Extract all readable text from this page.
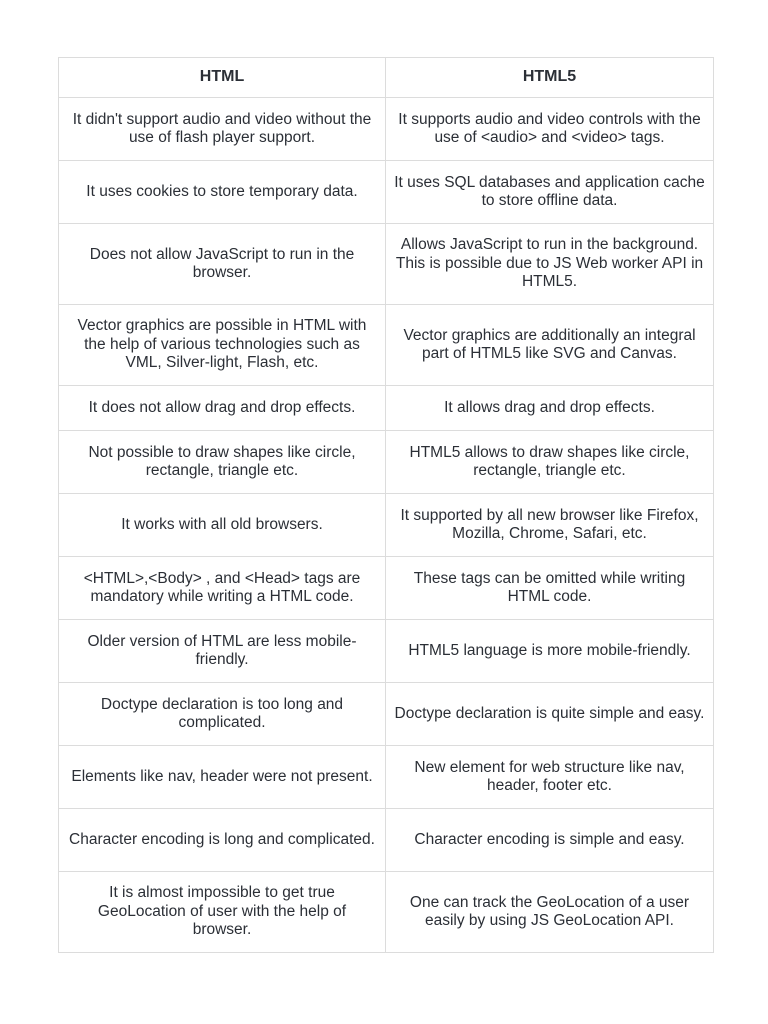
HTML	HTML5
It didn't support audio and video without the use of flash player support.	It supports audio and video controls with the use of <audio> and <video> tags.
It uses cookies to store temporary data.	It uses SQL databases and application cache to store offline data.
Does not allow JavaScript to run in the browser.	Allows JavaScript to run in the background. This is possible due to JS Web worker API in HTML5.
Vector graphics are possible in HTML with the help of various technologies such as VML, Silver-light, Flash, etc.	Vector graphics are additionally an integral part of HTML5 like SVG and Canvas.
It does not allow drag and drop effects.	It allows drag and drop effects.
Not possible to draw shapes like circle, rectangle, triangle etc.	HTML5 allows to draw shapes like circle, rectangle, triangle etc.
It works with all old browsers.	It supported by all new browser like Firefox, Mozilla, Chrome, Safari, etc.
<HTML>,<Body> , and <Head> tags are mandatory while writing a HTML code.	These tags can be omitted while writing HTML code.
Older version of HTML are less mobile-friendly.	HTML5 language is more mobile-friendly.
Doctype declaration is too long and complicated.	Doctype declaration is quite simple and easy.
Elements like nav, header were not present.	New element for web structure like nav, header, footer etc.
Character encoding is long and complicated.	Character encoding is simple and easy.
It is almost impossible to get true GeoLocation of user with the help of browser.	One can track the GeoLocation of a user easily by using JS GeoLocation API.
